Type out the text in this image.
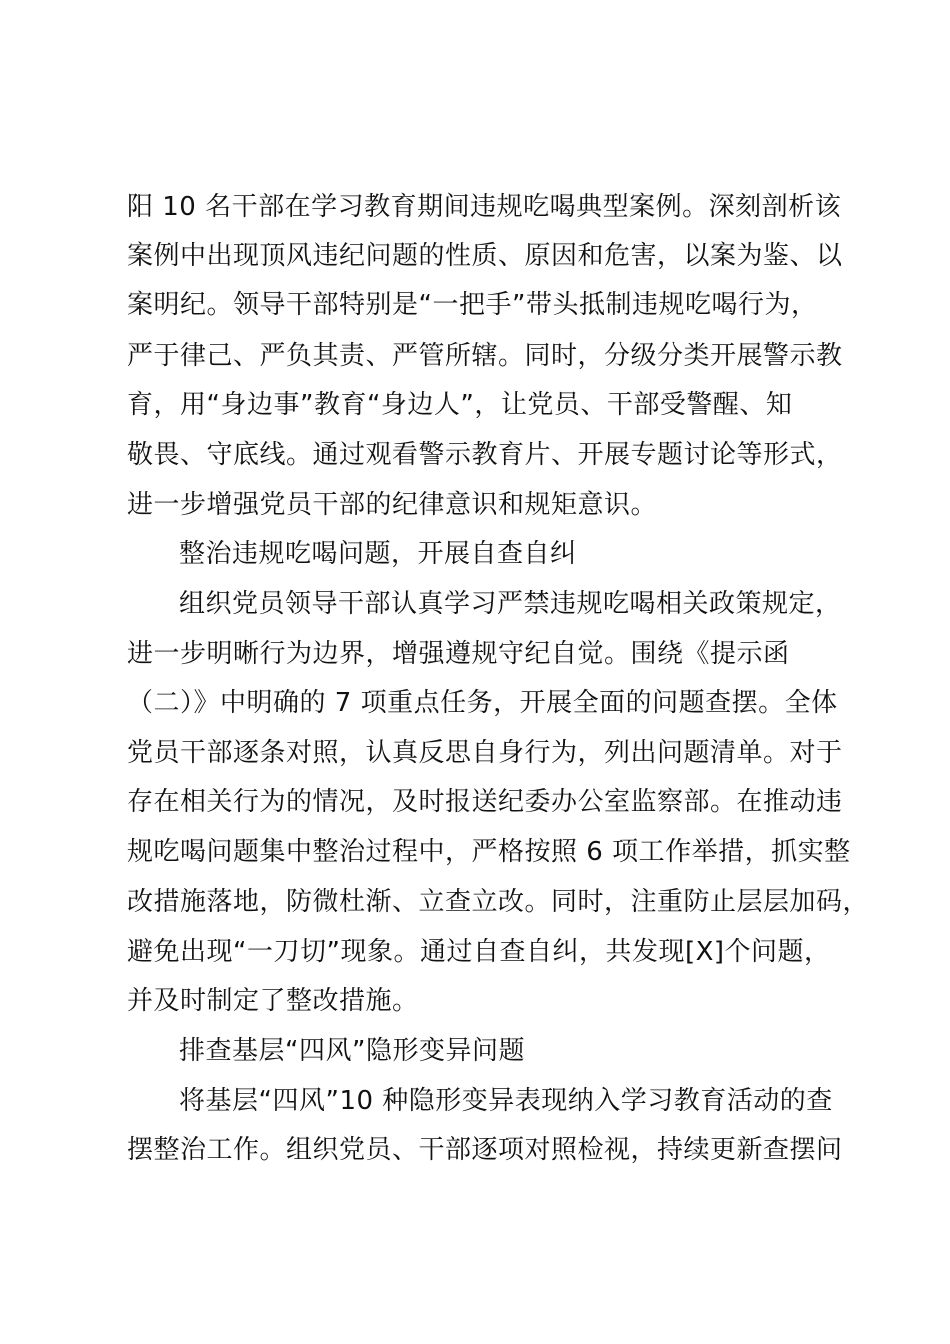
阳 10 名干部在学习教育期间违规吃喝典型案例。深刻剖析该
案例中出现顶风违纪问题的性质、原因和危害，以案为鉴、以
案明纪。领导干部特别是“一把手”带头抵制违规吃喝行为，
严于律己、严负其责、严管所辖。同时，分级分类开展警示教
育，用“身边事”教育“身边人”，让党员、干部受警醒、知
敬畏、守底线。通过观看警示教育片、开展专题讨论等形式，
进一步增强党员干部的纪律意识和规矩意识。
整治违规吃喝问题，开展自查自纠
组织党员领导干部认真学习严禁违规吃喝相关政策规定，
进一步明晰行为边界，增强遵规守纪自觉。围绕《提示函
（二）》中明确的 7 项重点任务，开展全面的问题查摆。全体
党员干部逐条对照，认真反思自身行为，列出问题清单。对于
存在相关行为的情况，及时报送纪委办公室监察部。在推动违
规吃喝问题集中整治过程中，严格按照 6 项工作举措，抓实整
改措施落地，防微杜渐、立查立改。同时，注重防止层层加码，
避免出现“一刀切”现象。通过自查自纠，共发现[X]个问题，
并及时制定了整改措施。
排查基层“四风”隐形变异问题
将基层“四风”10 种隐形变异表现纳入学习教育活动的查
摆整治工作。组织党员、干部逐项对照检视，持续更新查摆问
